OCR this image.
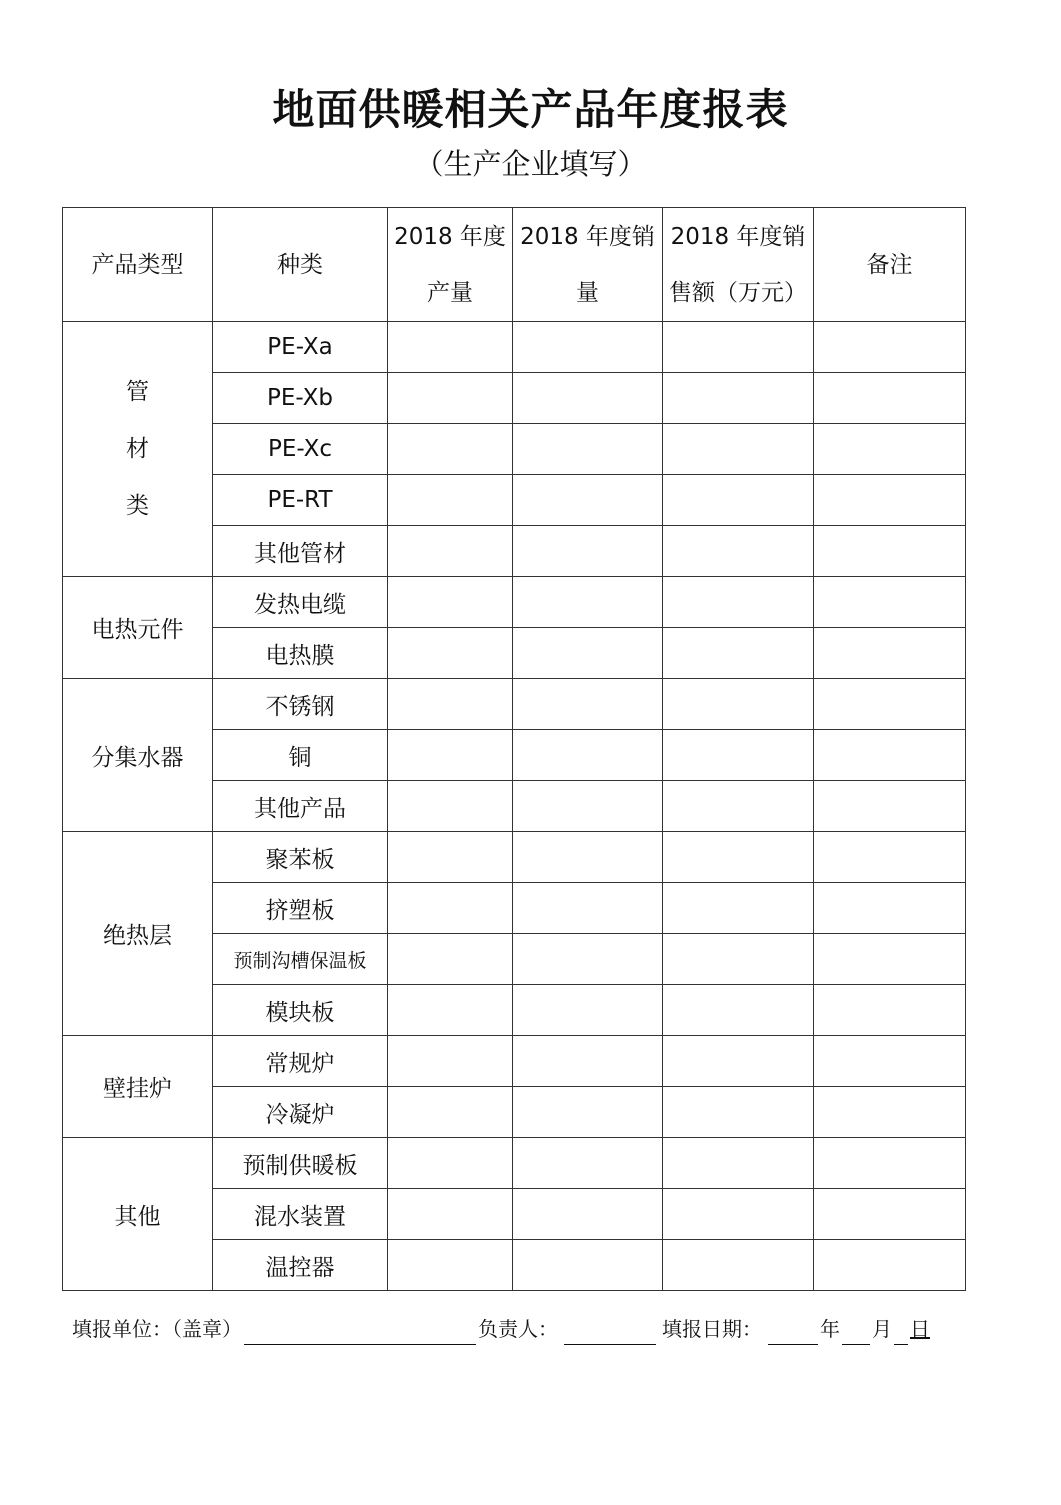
地面供暖相关产品年度报表
（生产企业填写）
产品类型	种类	2018 年度产量	2018 年度销量	2018 年度销售额（万元）	备注
管材类	PE-Xa				
	PE-Xb				
	PE-Xc				
	PE-RT				
	其他管材				
电热元件	发热电缆				
	电热膜				
分集水器	不锈钢				
	铜				
	其他产品				
绝热层	聚苯板				
	挤塑板				
	预制沟槽保温板				
	模块板				
壁挂炉	常规炉				
	冷凝炉				
其他	预制供暖板				
	混水装置				
	温控器				
填报单位：（盖章）	负责人：	填报日期：	年 月 日
